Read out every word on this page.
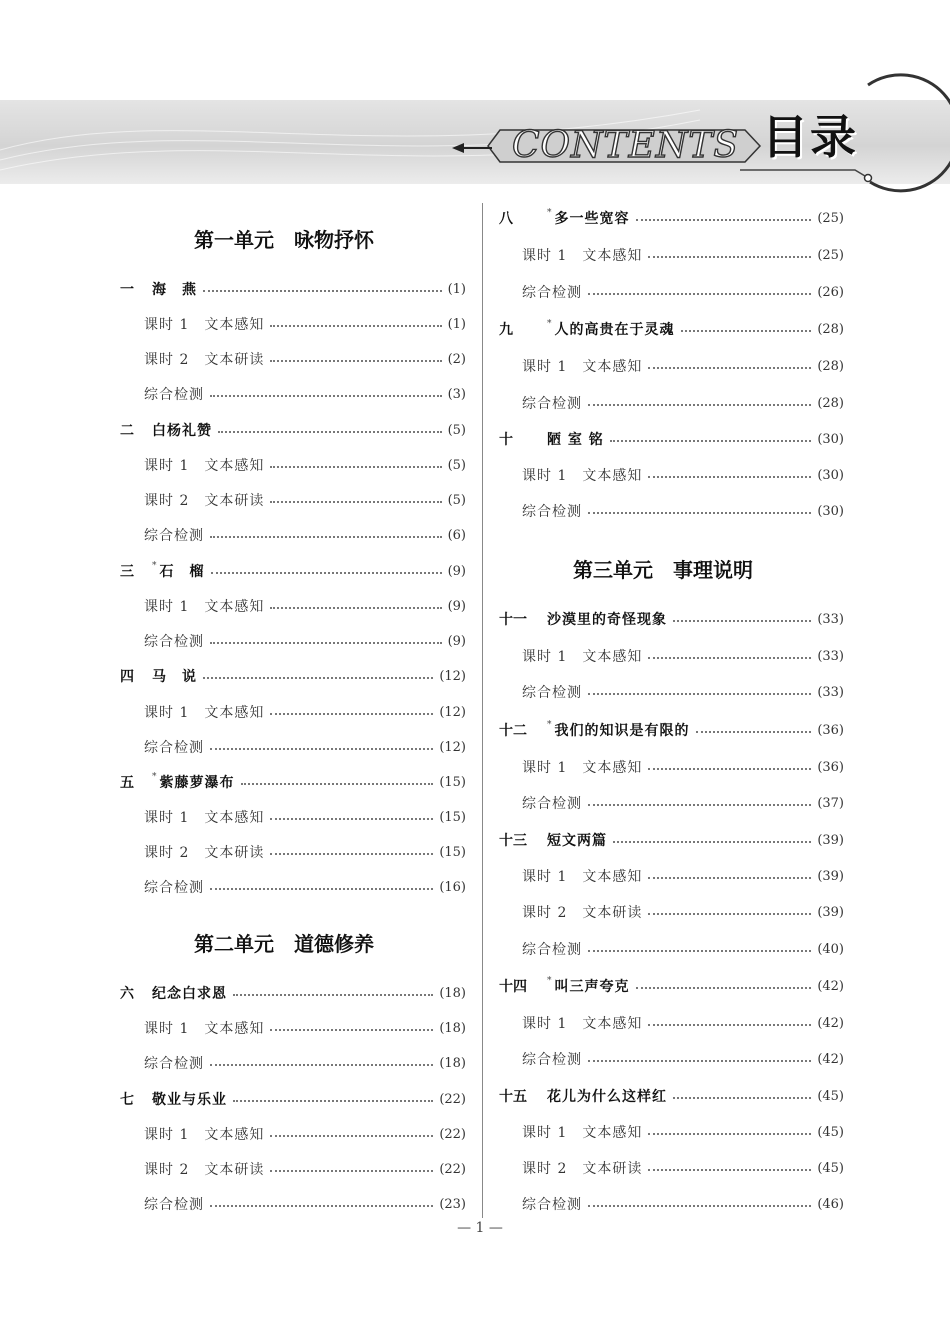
CONTENTS 目录
第一单元　咏物抒怀
第二单元　道德修养
第三单元　事理说明
一	海　燕	(1)
课时 1　文本感知	(1)
课时 2　文本研读	(2)
综合检测	(3)
二	白杨礼赞	(5)
课时 1　文本感知	(5)
课时 2　文本研读	(5)
综合检测	(6)
三	* 石　榴	(9)
课时 1　文本感知	(9)
综合检测	(9)
四	马　说	(12)
课时 1　文本感知	(12)
综合检测	(12)
五	* 紫藤萝瀑布	(15)
课时 1　文本感知	(15)
课时 2　文本研读	(15)
综合检测	(16)
六	纪念白求恩	(18)
课时 1　文本感知	(18)
综合检测	(18)
七	敬业与乐业	(22)
课时 1　文本感知	(22)
课时 2　文本研读	(22)
综合检测	(23)
八	* 多一些宽容	(25)
课时 1　文本感知	(25)
综合检测	(26)
九	* 人的高贵在于灵魂	(28)
课时 1　文本感知	(28)
综合检测	(28)
十	陋 室 铭	(30)
课时 1　文本感知	(30)
综合检测	(30)
十一	沙漠里的奇怪现象	(33)
课时 1　文本感知	(33)
综合检测	(33)
十二	* 我们的知识是有限的	(36)
课时 1　文本感知	(36)
综合检测	(37)
十三	短文两篇	(39)
课时 1　文本感知	(39)
课时 2　文本研读	(39)
综合检测	(40)
十四	* 叫三声夸克	(42)
课时 1　文本感知	(42)
综合检测	(42)
十五	花儿为什么这样红	(45)
课时 1　文本感知	(45)
课时 2　文本研读	(45)
综合检测	(46)
— 1 —
